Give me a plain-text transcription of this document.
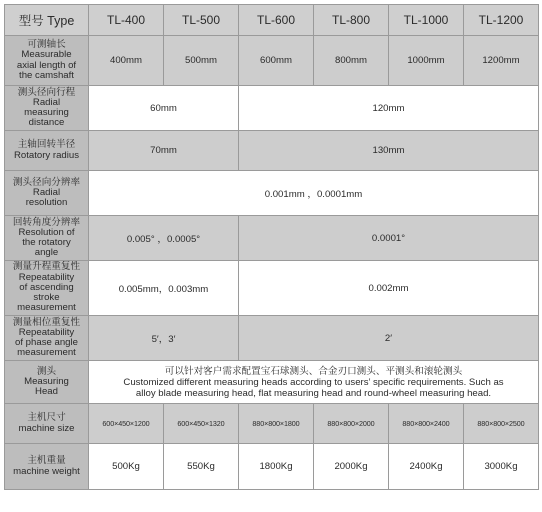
型号 Type	TL-400	TL-500	TL-600	TL-800	TL-1000	TL-1200

可测轴长
Measurable
axial length of
the camshaft	400mm	500mm	600mm	800mm	1000mm	1200mm

测头径向行程
Radial
measuring
distance	60mm		120mm			

主轴回转半径
Rotatory radius	70mm		130mm			

测头径向分辨率
Radial
resolution	0.001mm ，0.0001mm					

回转角度分辨率
Resolution of
the rotatory
angle	0.005° ，0.0005°		0.0001°			

测量升程重复性
Repeatability
of ascending
stroke
measurement	0.005mm，0.003mm		0.002mm			

测量相位重复性
Repeatability
of phase angle
measurement	5′，3′		2′			

测头
Measuring
Head	可以针对客户需求配置宝石球测头、合金刃口测头、平测头和滚轮测头
Customized different measuring heads according to users’ specific requirements. Such as
alloy blade measuring head, flat measuring head and round-wheel measuring head.					

主机尺寸
machine size	600×450×1200	600×450×1320	880×800×1800	880×800×2000	880×800×2400	880×800×2500

主机重量
machine weight	500Kg	550Kg	1800Kg	2000Kg	2400Kg	3000Kg
